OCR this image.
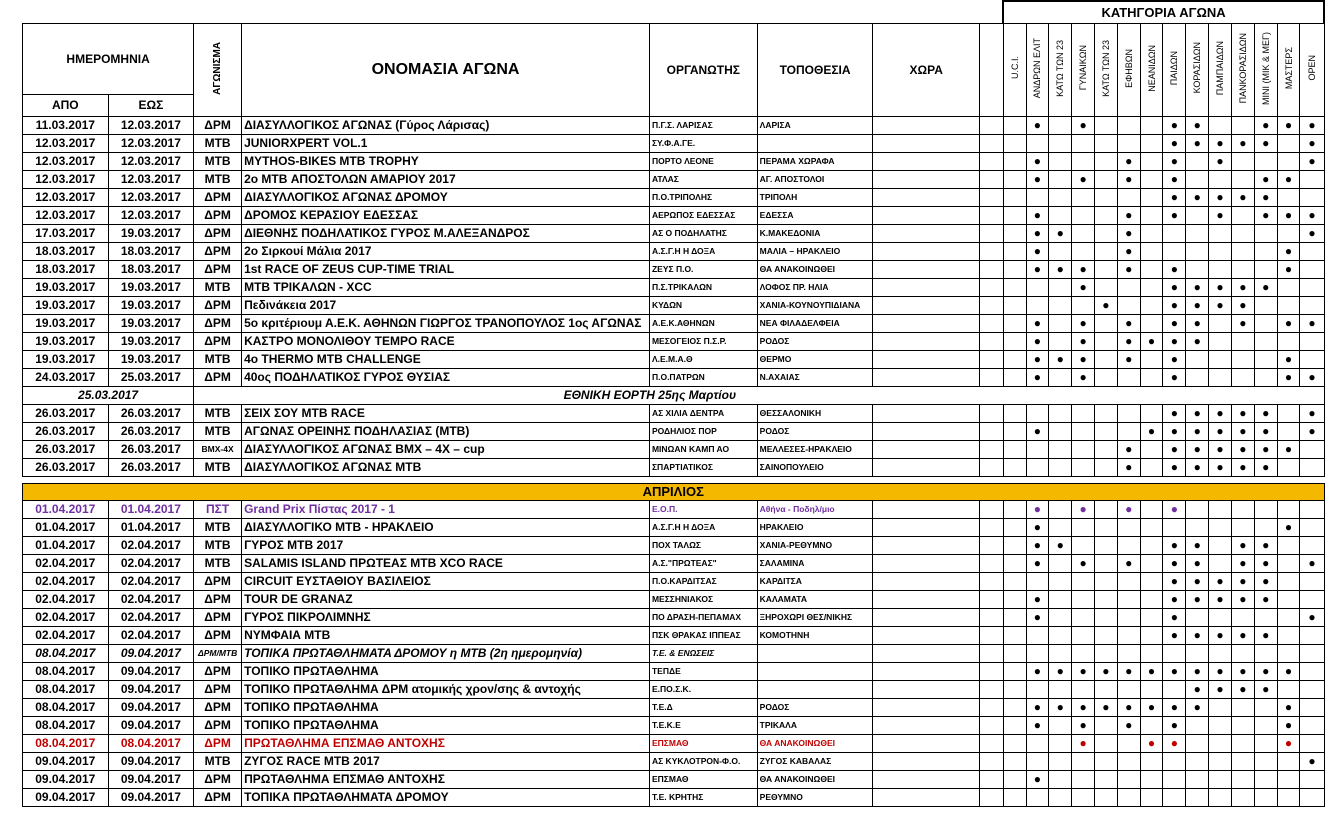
								ΚΑΤΗΓΟΡΙΑ ΑΓΩΝΑ													
ΗΜΕΡΟΜΗΝΙΑ		ΑΓΩΝΙΣΜΑ	ΟΝΟΜΑΣΙΑ ΑΓΩΝΑ	ΟΡΓΑΝΩΤΗΣ	ΤΟΠΟΘΕΣΙΑ	ΧΩΡΑ		U.C.I.	ΑΝΔΡΩΝ ΕΛΙΤ	ΚΑΤΩ ΤΩΝ 23	ΓΥΝΑΙΚΩΝ	ΚΑΤΩ ΤΩΝ 23	ΕΦΗΒΩΝ	ΝΕΑΝΙΔΩΝ	ΠΑΙΔΩΝ	ΚΟΡΑΣΙΔΩΝ	ΠΑΜΠΑΙΔΩΝ	ΠΑΝΚΟΡΑΣΙΔΩΝ	ΜΙΝΙ (ΜΙΚ & ΜΕΓ)	ΜΑΣΤΕΡΣ	OPEN
ΑΠΟ	ΕΩΣ																				
11.03.2017	12.03.2017	ΔΡΜ	ΔΙΑΣΥΛΛΟΓΙΚΟΣ ΑΓΩΝΑΣ (Γύρος Λάρισας)	Π.Γ.Σ. ΛΑΡΙΣΑΣ	ΛΑΡΙΣΑ				●		●				●	●			●	●	●
12.03.2017	12.03.2017	ΜΤΒ	JUNIORXPERT VOL.1	ΣΥ.Φ.Α.ΓΕ.											●	●	●	●	●		●
12.03.2017	12.03.2017	ΜΤΒ	MYTHOS-BIKES MTB TROPHY	ΠΟΡΤΟ ΛΕΟΝΕ	ΠΕΡΑΜΑ ΧΩΡΑΦΑ				●				●		●		●				●
12.03.2017	12.03.2017	ΜΤΒ	2ο MTB ΑΠΟΣΤΟΛΩΝ ΑΜΑΡΙΟΥ 2017	ΑΤΛΑΣ	ΑΓ. ΑΠΟΣΤΟΛΟΙ				●		●		●		●				●	●	
12.03.2017	12.03.2017	ΔΡΜ	ΔΙΑΣΥΛΛΟΓΙΚΟΣ ΑΓΩΝΑΣ ΔΡΟΜΟΥ	Π.Ο.ΤΡΙΠΟΛΗΣ	ΤΡΙΠΟΛΗ										●	●	●	●	●		
12.03.2017	12.03.2017	ΔΡΜ	ΔΡΟΜΟΣ ΚΕΡΑΣΙΟΥ ΕΔΕΣΣΑΣ	ΑΕΡΩΠΟΣ ΕΔΕΣΣΑΣ	ΕΔΕΣΣΑ				●				●		●		●		●	●	●
17.03.2017	19.03.2017	ΔΡΜ	ΔΙΕΘΝΗΣ ΠΟΔΗΛΑΤΙΚΟΣ ΓΥΡΟΣ Μ.ΑΛΕΞΑΝΔΡΟΣ	ΑΣ Ο ΠΟΔΗΛΑΤΗΣ	Κ.ΜΑΚΕΔΟΝΙΑ				●	●			●								●
18.03.2017	18.03.2017	ΔΡΜ	2ο Σιρκουί Μάλια 2017	Α.Σ.Γ.Η Η ΔΟΞΑ	ΜΑΛΙΑ – ΗΡΑΚΛΕΙΟ				●				●							●	
18.03.2017	18.03.2017	ΔΡΜ	1st RACE OF ZEUS CUP-TIME TRIAL	ΖΕΥΣ Π.Ο.	ΘΑ ΑΝΑΚΟΙΝΩΘΕΙ				●	●	●		●		●					●	
19.03.2017	19.03.2017	ΜΤΒ	ΜΤΒ ΤΡΙΚΑΛΩΝ - XCC	Π.Σ.ΤΡΙΚΑΛΩΝ	ΛΟΦΟΣ ΠΡ. ΗΛΙΑ						●				●	●	●	●	●		
19.03.2017	19.03.2017	ΔΡΜ	Πεδινάκεια 2017	ΚΥΔΩΝ	ΧΑΝΙΑ-ΚΟΥΝΟΥΠΙΔΙΑΝΑ							●			●	●	●	●			
19.03.2017	19.03.2017	ΔΡΜ	5ο κριτέριουμ Α.Ε.Κ. ΑΘΗΝΩΝ ΓΙΩΡΓΟΣ ΤΡΑΝΟΠΟΥΛΟΣ 1ος ΑΓΩΝΑΣ	Α.Ε.Κ.ΑΘΗΝΩΝ	ΝΕΑ ΦΙΛΑΔΕΛΦΕΙΑ				●		●		●		●	●		●		●	●
19.03.2017	19.03.2017	ΔΡΜ	ΚΑΣΤΡΟ ΜΟΝΟΛΙΘΟΥ TEMPO RACE	ΜΕΣΟΓΕΙΟΣ Π.Σ.Ρ.	ΡΟΔΟΣ				●		●		●	●	●	●					
19.03.2017	19.03.2017	ΜΤΒ	4ο THERMO MTB CHALLENGE	Λ.Ε.Μ.Α.Θ	ΘΕΡΜΟ				●	●	●		●		●					●	
24.03.2017	25.03.2017	ΔΡΜ	40ος ΠΟΔΗΛΑΤΙΚΟΣ ΓΥΡΟΣ ΘΥΣΙΑΣ	Π.Ο.ΠΑΤΡΩΝ	Ν.ΑΧΑΙΑΣ				●		●				●					●	●
25.03.2017		ΕΘΝΙΚΗ ΕΟΡΤΗ 25ης Μαρτίου																			
26.03.2017	26.03.2017	ΜΤΒ	ΣΕΙΧ ΣΟΥ MTB RACE	ΑΣ ΧΙΛΙΑ ΔΕΝΤΡΑ	ΘΕΣΣΑΛΟΝΙΚΗ										●	●	●	●	●		●
26.03.2017	26.03.2017	ΜΤΒ	ΑΓΩΝΑΣ ΟΡΕΙΝΗΣ ΠΟΔΗΛΑΣΙΑΣ (ΜΤΒ)	ΡΟΔΗΛΙΟΣ ΠΟΡ	ΡΟΔΟΣ				●					●	●	●	●	●	●		●
26.03.2017	26.03.2017	BMX-4X	ΔΙΑΣΥΛΛΟΓΙΚΟΣ ΑΓΩΝΑΣ BMX – 4X – cup	ΜΙΝΩΑΝ ΚΑΜΠ ΑΟ	ΜΕΛΛΕΣΕΣ-ΗΡΑΚΛΕΙΟ								●		●	●	●	●	●	●	
26.03.2017	26.03.2017	ΜΤΒ	ΔΙΑΣΥΛΛΟΓΙΚΟΣ ΑΓΩΝΑΣ ΜΤΒ	ΣΠΑΡΤΙΑΤΙΚΟΣ	ΣΑΙΝΟΠΟΥΛΕΙΟ								●		●	●	●	●	●		

ΑΠΡΙΛΙΟΣ																					
01.04.2017	01.04.2017	ΠΣΤ	Grand Prix Πίστας 2017 - 1	Ε.Ο.Π.	Αθήνα - Ποδηλ/μιο				●		●		●		●						
01.04.2017	01.04.2017	ΜΤΒ	ΔΙΑΣΥΛΛΟΓΙΚΟ ΜΤΒ - ΗΡΑΚΛΕΙΟ	Α.Σ.Γ.Η Η ΔΟΞΑ	ΗΡΑΚΛΕΙΟ				●											●	
01.04.2017	02.04.2017	ΜΤΒ	ΓΥΡΟΣ ΜΤΒ 2017	ΠΟΧ ΤΑΛΩΣ	ΧΑΝΙΑ-ΡΕΘΥΜΝΟ				●	●					●	●		●	●		
02.04.2017	02.04.2017	ΜΤΒ	SALAMIS ISLAND ΠΡΩΤΕΑΣ MTB XCO RACE	Α.Σ."ΠΡΩΤΕΑΣ"	ΣΑΛΑΜΙΝΑ				●		●		●		●	●		●	●		●
02.04.2017	02.04.2017	ΔΡΜ	CIRCUIT ΕΥΣΤΑΘΙΟΥ ΒΑΣΙΛΕΙΟΣ	Π.Ο.ΚΑΡΔΙΤΣΑΣ	ΚΑΡΔΙΤΣΑ										●	●	●	●	●		
02.04.2017	02.04.2017	ΔΡΜ	TOUR DE GRANAZ	ΜΕΣΣΗΝΙΑΚΟΣ	ΚΑΛΑΜΑΤΑ				●						●	●	●	●	●		
02.04.2017	02.04.2017	ΔΡΜ	ΓΥΡΟΣ ΠΙΚΡΟΛΙΜΝΗΣ	ΠΟ ΔΡΑΣΗ-ΠΕΠΑΜΑΧ	ΞΗΡΟΧΩΡΙ ΘΕΣ/ΝΙΚΗΣ				●						●						●
02.04.2017	02.04.2017	ΔΡΜ	ΝΥΜΦΑΙΑ MTB	ΠΣΚ ΘΡΑΚΑΣ ΙΠΠΕΑΣ	ΚΟΜΟΤΗΝΗ										●	●	●	●	●		
08.04.2017	09.04.2017	ΔΡΜ/ΜΤΒ	ΤΟΠΙΚΑ ΠΡΩΤΑΘΛΗΜΑΤΑ ΔΡΟΜΟΥ η ΜΤΒ (2η ημερομηνία)	Τ.Ε. & ΕΝΩΣΕΙΣ																	
08.04.2017	09.04.2017	ΔΡΜ	ΤΟΠΙΚΟ ΠΡΩΤΑΘΛΗΜΑ	ΤΕΠΔΕ					●	●	●	●	●	●	●	●	●	●	●	●	
08.04.2017	09.04.2017	ΔΡΜ	ΤΟΠΙΚΟ ΠΡΩΤΑΘΛΗΜΑ ΔΡΜ ατομικής χρον/σης & αντοχής	Ε.ΠΟ.Σ.Κ.												●	●	●	●		
08.04.2017	09.04.2017	ΔΡΜ	ΤΟΠΙΚΟ ΠΡΩΤΑΘΛΗΜΑ	Τ.Ε.Δ	ΡΟΔΟΣ				●	●	●	●	●	●	●	●				●	
08.04.2017	09.04.2017	ΔΡΜ	ΤΟΠΙΚΟ ΠΡΩΤΑΘΛΗΜΑ	Τ.Ε.Κ.Ε	ΤΡΙΚΑΛΑ				●		●		●		●					●	
08.04.2017	08.04.2017	ΔΡΜ	ΠΡΩΤΑΘΛΗΜΑ ΕΠΣΜΑΘ ΑΝΤΟΧΗΣ	ΕΠΣΜΑΘ	ΘΑ ΑΝΑΚΟΙΝΩΘΕΙ						●			●	●					●	
09.04.2017	09.04.2017	ΜΤΒ	ΖΥΓΟΣ RACE MTB 2017	ΑΣ ΚΥΚΛΟΤΡΟΝ-Φ.Ο.	ΖΥΓΟΣ ΚΑΒΑΛΑΣ																●
09.04.2017	09.04.2017	ΔΡΜ	ΠΡΩΤΑΘΛΗΜΑ ΕΠΣΜΑΘ ΑΝΤΟΧΗΣ	ΕΠΣΜΑΘ	ΘΑ ΑΝΑΚΟΙΝΩΘΕΙ				●												
09.04.2017	09.04.2017	ΔΡΜ	ΤΟΠΙΚΑ ΠΡΩΤΑΘΛΗΜΑΤΑ ΔΡΟΜΟΥ	Τ.Ε. ΚΡΗΤΗΣ	ΡΕΘΥΜΝΟ																
